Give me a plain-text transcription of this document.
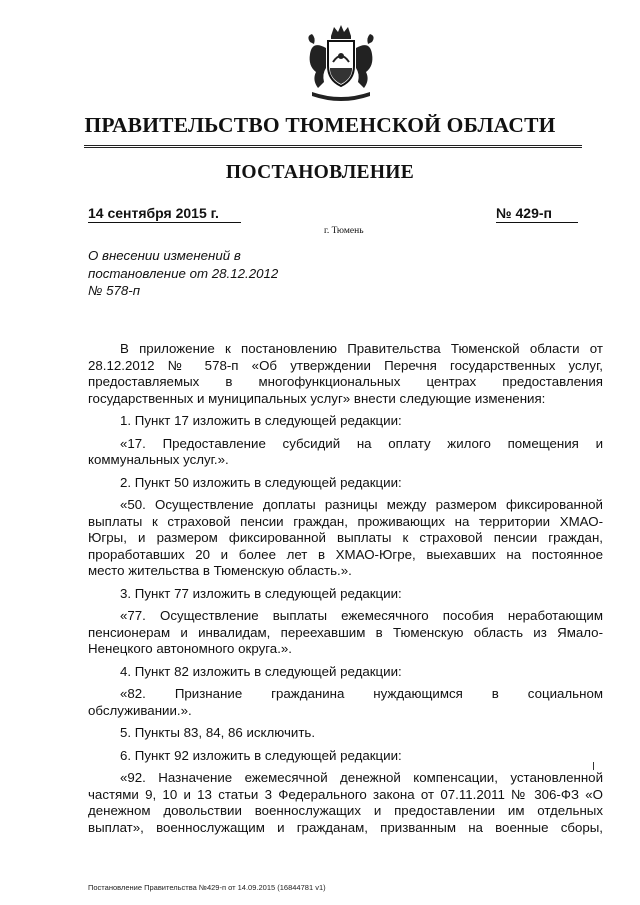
ПРАВИТЕЛЬСТВО ТЮМЕНСКОЙ ОБЛАСТИ
ПОСТАНОВЛЕНИЕ
14 сентября 2015 г.	№ 429-п
г. Тюмень
О внесении изменений в
постановление от 28.12.2012
№ 578-п

В приложение к постановлению Правительства Тюменской области от
28.12.2012 № 578-п «Об утверждении Перечня государственных услуг,
предоставляемых в многофункциональных центрах предоставления
государственных и муниципальных услуг» внести следующие изменения:

1. Пункт 17 изложить в следующей редакции:

«17. Предоставление субсидий на оплату жилого помещения и
коммунальных услуг.».

2. Пункт 50 изложить в следующей редакции:

«50. Осуществление доплаты разницы между размером фиксированной
выплаты к страховой пенсии граждан, проживающих на территории ХМАО-
Югры, и размером фиксированной выплаты к страховой пенсии граждан,
проработавших 20 и более лет в ХМАО-Югре, выехавших на постоянное
место жительства в Тюменскую область.».

3. Пункт 77 изложить в следующей редакции:

«77. Осуществление выплаты ежемесячного пособия неработающим
пенсионерам и инвалидам, переехавшим в Тюменскую область из Ямало-
Ненецкого автономного округа.».

4. Пункт 82 изложить в следующей редакции:

«82. Признание гражданина нуждающимся в социальном
обслуживании.».

5. Пункты 83, 84, 86 исключить.

6. Пункт 92 изложить в следующей редакции:

«92. Назначение ежемесячной денежной компенсации, установленной
частями 9, 10 и 13 статьи 3 Федерального закона от 07.11.2011 № 306-ФЗ «О
денежном довольствии военнослужащих и предоставлении им отдельных
выплат», военнослужащим и гражданам, призванным на военные сборы,

Постановление Правительства №429-п от 14.09.2015 (16844781 v1)
